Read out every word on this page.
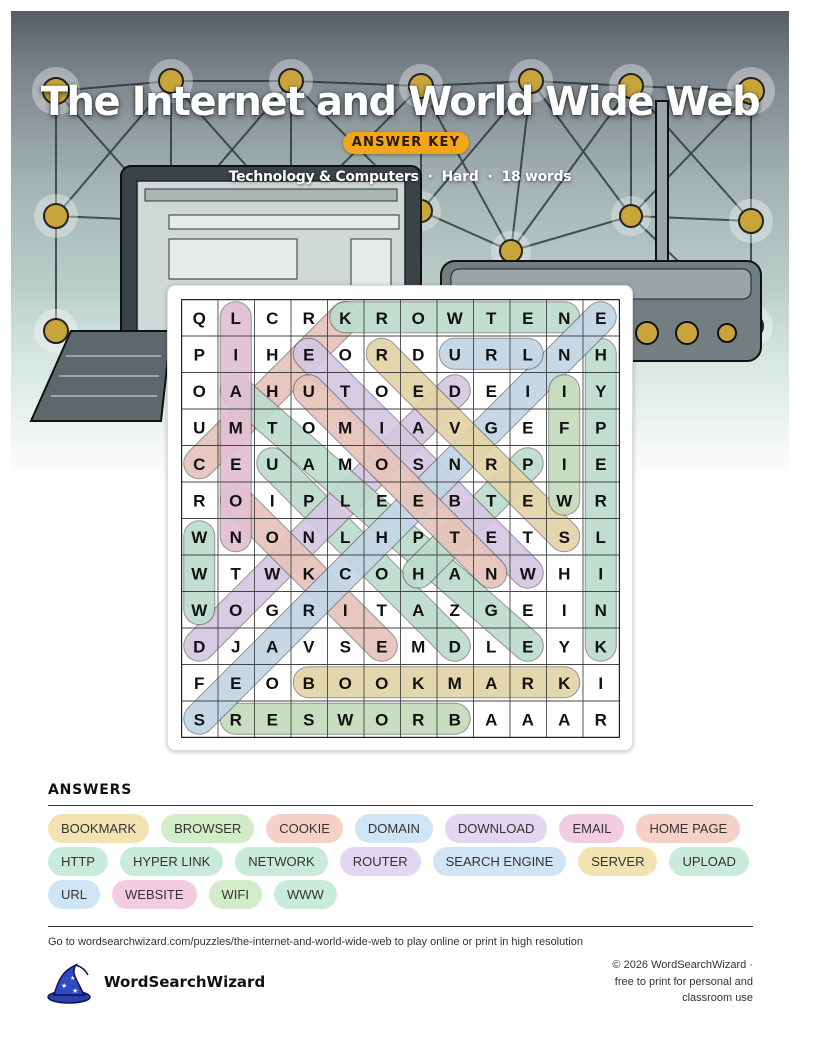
The Internet and World Wide Web
ANSWER KEY
Technology & Computers · Hard · 18 words
Q L C R K R O W T E N E
P I H E O R D U R L N H
O A H U T O E D E I I Y
U M T O M I A V G E F P
C E U A M O S N R P I E
R O I P L E E B T E W R
W N O N L H P T E T S L
W T W K C O H A N W H I
W O G R I T A Z G E I N
D J A V S E M D L E Y K
F E O B O O K M A R K I
S R E S W O R B A A A R
ANSWERS
BOOKMARK	BROWSER	COOKIE	DOMAIN	DOWNLOAD	EMAIL	HOME PAGE
HTTP	HYPER LINK	NETWORK	ROUTER	SEARCH ENGINE	SERVER	UPLOAD
URL	WEBSITE	WIFI	WWW
Go to wordsearchwizard.com/puzzles/the-internet-and-world-wide-web to play online or print in high resolution
★
★
★
WordSearchWizard
© 2026 WordSearchWizard ·
free to print for personal and
classroom use
